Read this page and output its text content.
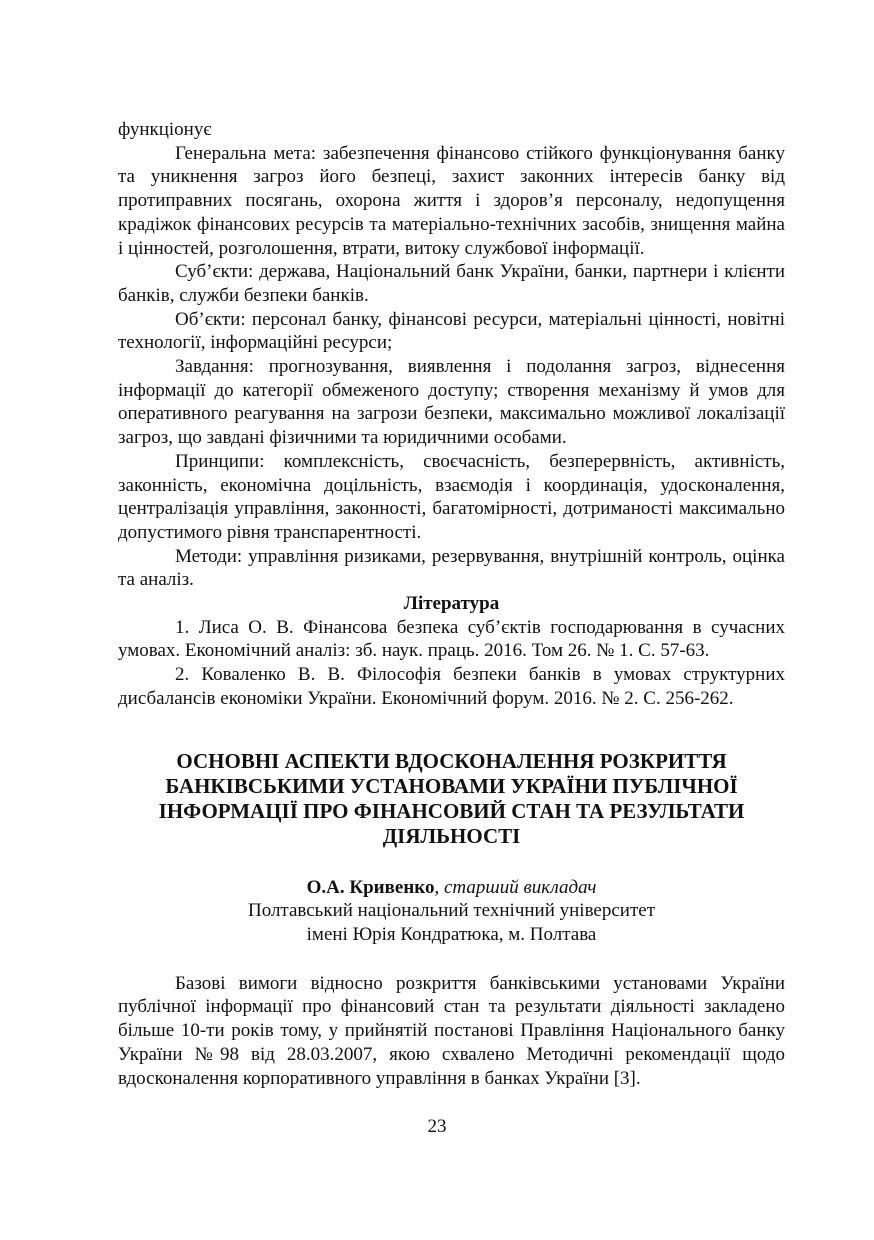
функціонує

Генеральна мета: забезпечення фінансово стійкого функціонування банку та уникнення загроз його безпеці, захист законних інтересів банку від протиправних посягань, охорона життя і здоров’я персоналу, недопущення крадіжок фінансових ресурсів та матеріально-технічних засобів, знищення майна і цінностей, розголошення, втрати, витоку службової інформації.

Суб’єкти: держава, Національний банк України, банки, партнери і клієнти банків, служби безпеки банків.

Об’єкти: персонал банку, фінансові ресурси, матеріальні цінності, новітні технології, інформаційні ресурси;

Завдання: прогнозування, виявлення і подолання загроз, віднесення інформації до категорії обмеженого доступу; створення механізму й умов для оперативного реагування на загрози безпеки, максимально можливої локалізації загроз, що завдані фізичними та юридичними особами.

Принципи: комплексність, своєчасність, безперервність, активність, законність, економічна доцільність, взаємодія і координація, удосконалення, централізація управління, законності, багатомірності, дотриманості максимально допустимого рівня транспарентності.

Методи: управління ризиками, резервування, внутрішній контроль, оцінка та аналіз.

Література

1. Лиса О. В. Фінансова безпека суб’єктів господарювання в сучасних умовах. Економічний аналіз: зб. наук. праць. 2016. Том 26. № 1. С. 57-63.

2. Коваленко В. В. Філософія безпеки банків в умовах структурних дисбалансів економіки України. Економічний форум. 2016. № 2. С. 256-262.

ОСНОВНІ АСПЕКТИ ВДОСКОНАЛЕННЯ РОЗКРИТТЯ БАНКІВСЬКИМИ УСТАНОВАМИ УКРАЇНИ ПУБЛІЧНОЇ ІНФОРМАЦІЇ ПРО ФІНАНСОВИЙ СТАН ТА РЕЗУЛЬТАТИ ДІЯЛЬНОСТІ
О.А. Кривенко, старший викладач
Полтавський національний технічний університет
імені Юрія Кондратюка, м. Полтава

Базові вимоги відносно розкриття банківськими установами України публічної інформації про фінансовий стан та результати діяльності закладено більше 10-ти років тому, у прийнятій постанові Правління Національного банку України №98 від 28.03.2007, якою схвалено Методичні рекомендації щодо вдосконалення корпоративного управління в банках України [3].

23
